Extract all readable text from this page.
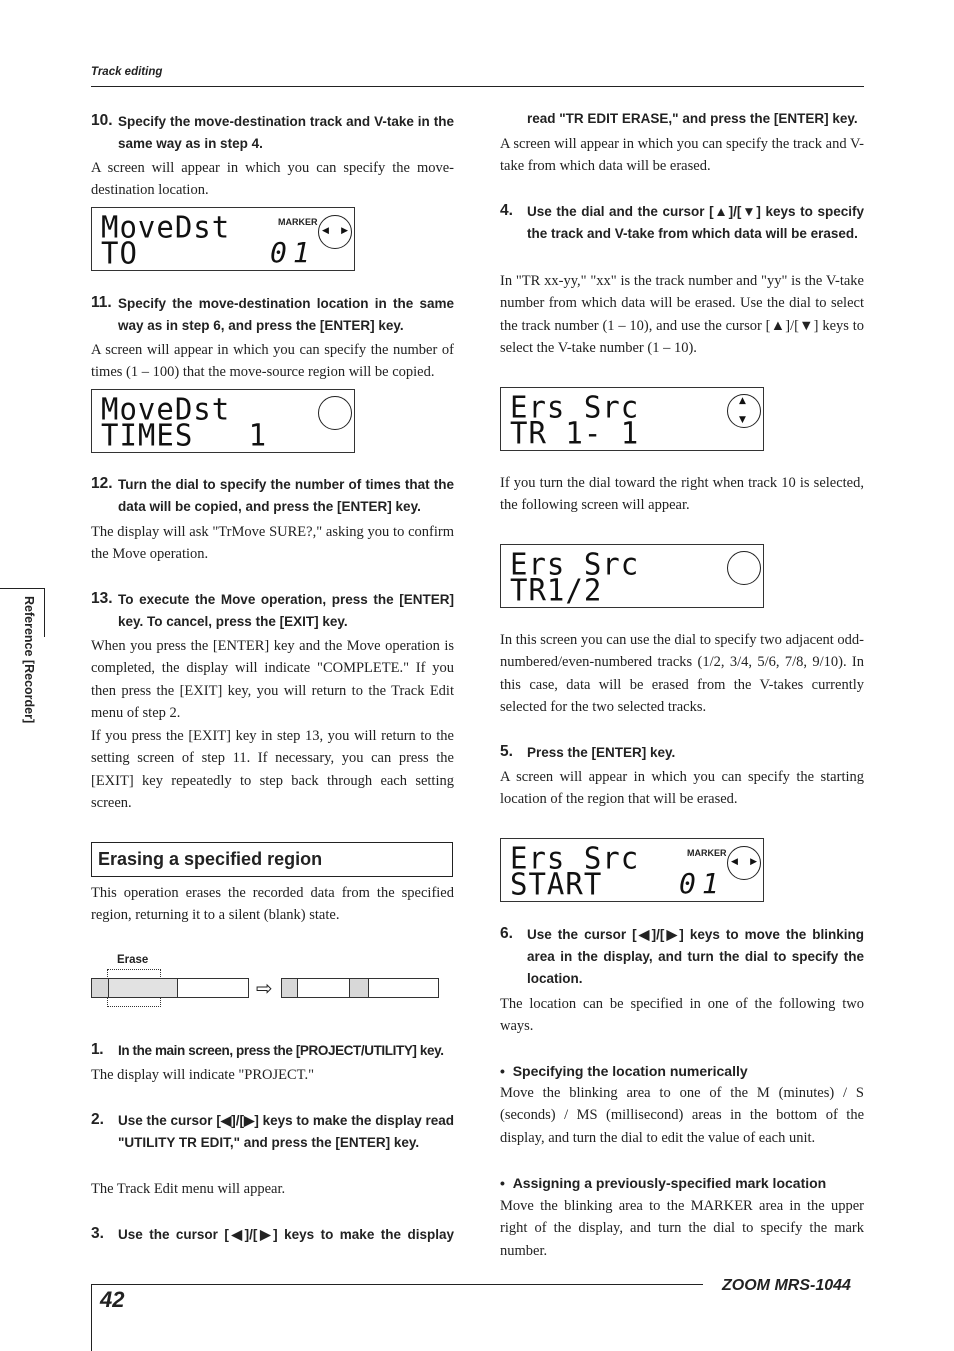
Track editing
Reference [Recorder]
10. Specify the move-destination track and V-take in the same way as in step 4.

A screen will appear in which you can specify the move-destination location.

MoveDst
TO	01
MARKER
◀ ▶
11. Specify the move-destination location in the same way as in step 6, and press the [ENTER] key.

A screen will appear in which you can specify the number of times (1 – 100) that the move-source region will be copied.

MoveDst
TIMES   1
12. Turn the dial to specify the number of times that the data will be copied, and press the [ENTER] key.

The display will ask "TrMove SURE?," asking you to confirm the Move operation.

13. To execute the Move operation, press the [ENTER] key. To cancel, press the [EXIT] key.

When you press the [ENTER] key and the Move operation is completed, the display will indicate "COMPLETE." If you then press the [EXIT] key, you will return to the Track Edit menu of step 2.

If you press the [EXIT] key in step 13, you will return to the setting screen of step 11. If necessary, you can press the [EXIT] key repeatedly to step back through each setting screen.

Erasing a specified region

This operation erases the recorded data from the specified region, returning it to a silent (blank) state.

Erase
⇨
1.	In the main screen, press the [PROJECT/UTILITY] key.

The display will indicate "PROJECT."

2.	Use the cursor [◀]/[▶] keys to make the display read "UTILITY TR EDIT," and press the [ENTER] key.

The Track Edit menu will appear.

3.	Use the cursor [◀]/[▶] keys to make the display
read "TR EDIT ERASE," and press the [ENTER] key.

A screen will appear in which you can specify the track and V-take from which data will be erased.

4.	Use the dial and the cursor [▲]/[▼] keys to specify the track and V-take from which data will be erased.

In "TR xx-yy," "xx" is the track number and "yy" is the V-take number from which data will be erased. Use the dial to select the track number (1 – 10), and use the cursor [▲]/[▼] keys to select the V-take number (1 – 10).

Ers Src
TR 1- 1
▲
▼

If you turn the dial toward the right when track 10 is selected, the following screen will appear.

Ers Src
TR1/2

In this screen you can use the dial to specify two adjacent odd-numbered/even-numbered tracks (1/2, 3/4, 5/6, 7/8, 9/10). In this case, data will be erased from the V-takes currently selected for the two selected tracks.

5.	Press the [ENTER] key.

A screen will appear in which you can specify the starting location of the region that will be erased.

Ers Src
START	01
MARKER
◀ ▶
6.	Use the cursor [◀]/[▶] keys to move the blinking area in the display, and turn the dial to specify the location.

The location can be specified in one of the following two ways.

•  Specifying the location numerically

Move the blinking area to one of the M (minutes) / S (seconds) / MS (millisecond) areas in the bottom of the display, and turn the dial to edit the value of each unit.

•  Assigning a previously-specified mark location

Move the blinking area to the MARKER area in the upper right of the display, and turn the dial to specify the mark number.

42
ZOOM MRS-1044
